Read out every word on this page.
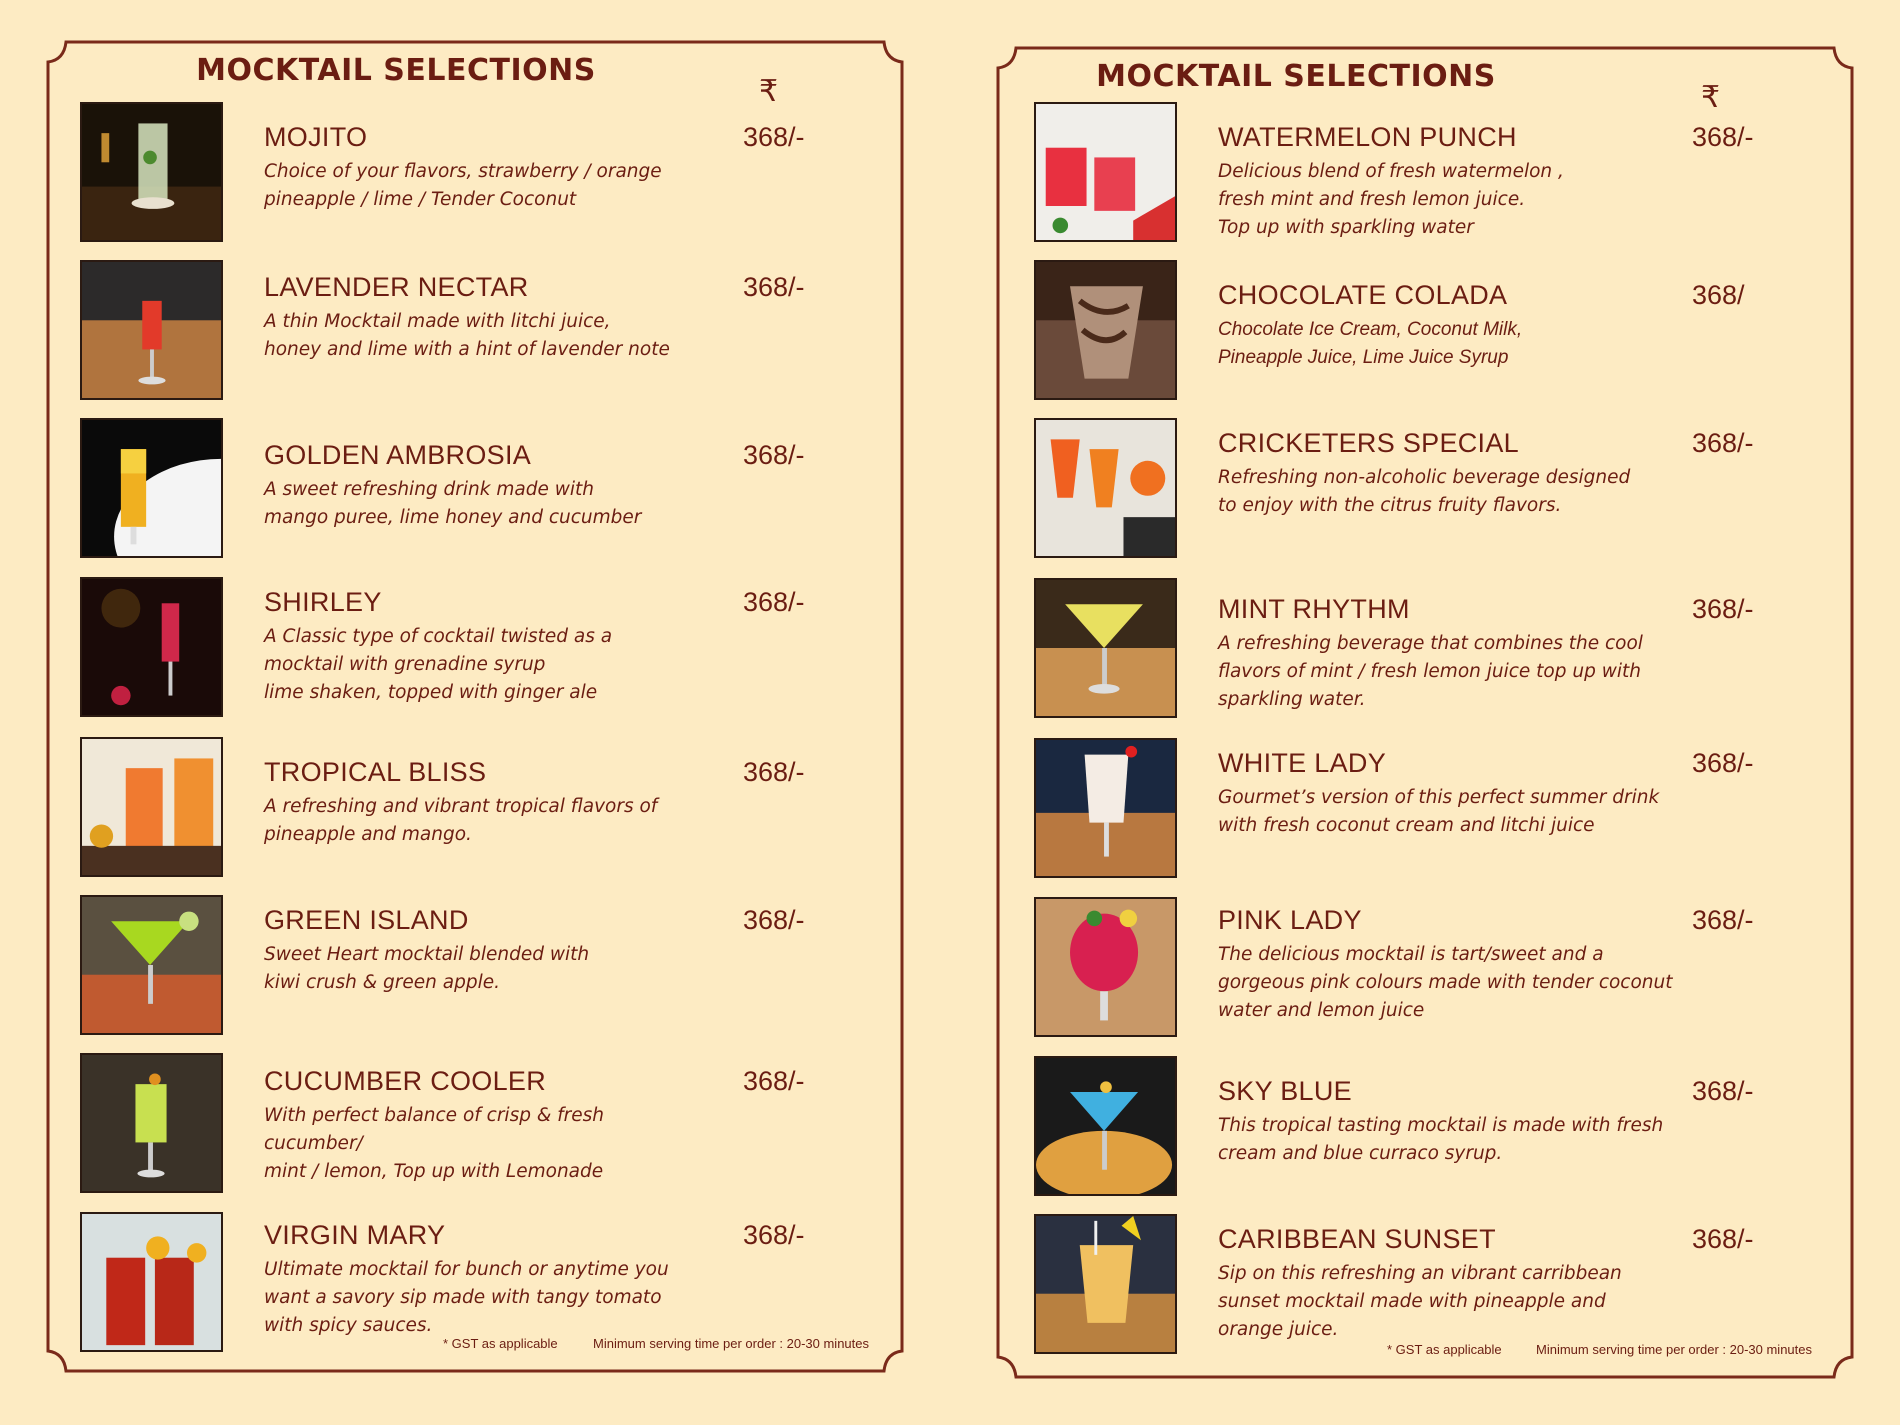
MOCKTAIL SELECTIONS
₹
MOJITO
Choice of your flavors, strawberry / orange
pineapple / lime / Tender Coconut
368/-
LAVENDER NECTAR
A thin Mocktail made with litchi juice,
honey and lime with a hint of lavender note
368/-
GOLDEN AMBROSIA
A sweet refreshing drink made with
mango puree, lime honey and cucumber
368/-
SHIRLEY
A Classic type of cocktail twisted as a
mocktail with grenadine syrup
lime shaken, topped with ginger ale
368/-
TROPICAL BLISS
A refreshing and vibrant tropical flavors of
pineapple and mango.
368/-
GREEN ISLAND
Sweet Heart mocktail blended with
kiwi crush & green apple.
368/-
CUCUMBER COOLER
With perfect balance of crisp & fresh cucumber/
mint / lemon, Top up with Lemonade
368/-
VIRGIN MARY
Ultimate mocktail for bunch or anytime you
want a savory sip made with tangy tomato
with spicy sauces.
368/-
* GST as applicable	Minimum serving time per order : 20-30 minutes
MOCKTAIL SELECTIONS
₹
WATERMELON PUNCH
Delicious blend of fresh watermelon ,
fresh mint and fresh lemon juice.
Top up with sparkling water
368/-
CHOCOLATE COLADA
Chocolate Ice Cream, Coconut Milk,
Pineapple Juice, Lime Juice Syrup
368/
CRICKETERS SPECIAL
Refreshing non-alcoholic beverage designed
to enjoy with the citrus fruity flavors.
368/-
MINT RHYTHM
A refreshing beverage that combines the cool
flavors of mint / fresh lemon juice top up with
sparkling water.
368/-
WHITE LADY
Gourmet’s version of this perfect summer drink
with fresh coconut cream and litchi juice
368/-
PINK LADY
The delicious mocktail is tart/sweet and a
gorgeous pink colours made with tender coconut
water and lemon juice
368/-
SKY BLUE
This tropical tasting mocktail is made with fresh
cream and blue curraco syrup.
368/-
CARIBBEAN SUNSET
Sip on this refreshing an vibrant carribbean
sunset mocktail made with pineapple and
orange juice.
368/-
* GST as applicable	Minimum serving time per order : 20-30 minutes
